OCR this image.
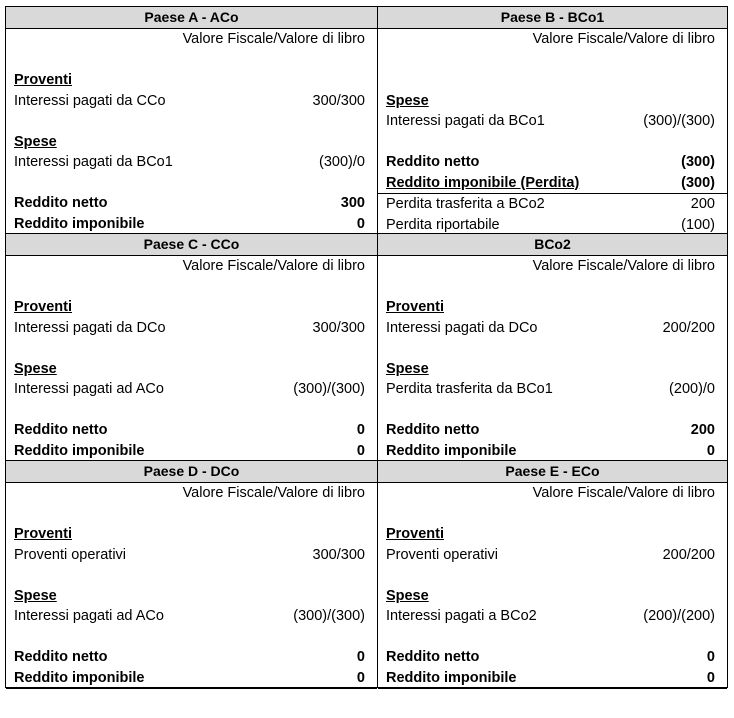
Paese A - ACo
Valore Fiscale/Valore di libro
Proventi
Interessi pagati da CCo	300/300
Spese
Interessi pagati da BCo1	(300)/0
Reddito netto	300
Reddito imponibile	0
Paese B - BCo1
Valore Fiscale/Valore di libro
Spese
Interessi pagati da BCo1	(300)/(300)
Reddito netto	(300)
Reddito imponibile (Perdita)	(300)
Perdita trasferita a BCo2	200
Perdita riportabile	(100)
Paese C - CCo
Valore Fiscale/Valore di libro
Proventi
Interessi pagati da DCo	300/300
Spese
Interessi pagati ad ACo	(300)/(300)
Reddito netto	0
Reddito imponibile	0
BCo2
Valore Fiscale/Valore di libro
Proventi
Interessi pagati da DCo	200/200
Spese
Perdita trasferita da BCo1	(200)/0
Reddito netto	200
Reddito imponibile	0
Paese D - DCo
Valore Fiscale/Valore di libro
Proventi
Proventi operativi	300/300
Spese
Interessi pagati ad ACo	(300)/(300)
Reddito netto	0
Reddito imponibile	0
Paese E - ECo
Valore Fiscale/Valore di libro
Proventi
Proventi operativi	200/200
Spese
Interessi pagati a BCo2	(200)/(200)
Reddito netto	0
Reddito imponibile	0
